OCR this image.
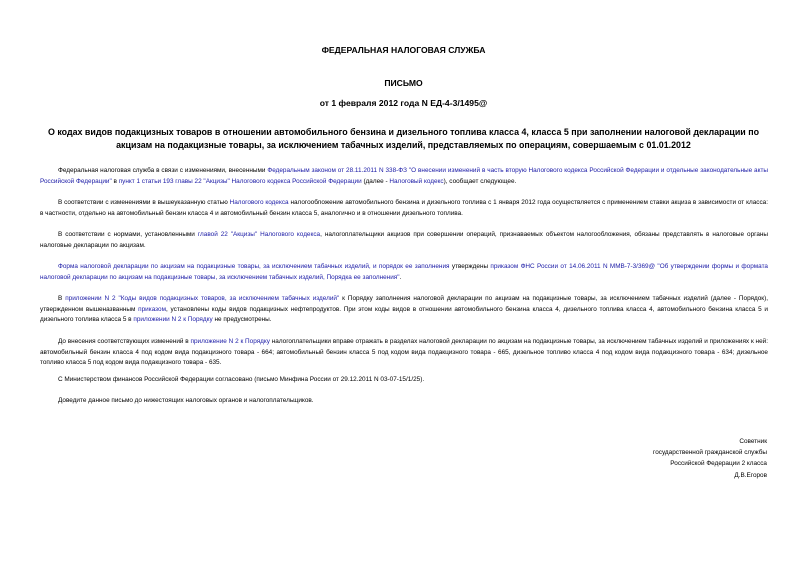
ФЕДЕРАЛЬНАЯ НАЛОГОВАЯ СЛУЖБА
ПИСЬМО
от 1 февраля 2012 года N ЕД-4-3/1495@
О кодах видов подакцизных товаров в отношении автомобильного бензина и дизельного топлива класса 4, класса 5 при заполнении налоговой декларации по акцизам на подакцизные товары, за исключением табачных изделий, представляемых по операциям, совершаемым с 01.01.2012

Федеральная налоговая служба в связи с изменениями, внесенными Федеральным законом от 28.11.2011 N 338-ФЗ "О внесении изменений в часть вторую Налогового кодекса Российской Федерации и отдельные законодательные акты Российской Федерации" в пункт 1 статьи 193 главы 22 "Акцизы" Налогового кодекса Российской Федерации (далее - Налоговый кодекс), сообщает следующее.

В соответствии с изменениями в вышеуказанную статью Налогового кодекса налогообложение автомобильного бензина и дизельного топлива с 1 января 2012 года осуществляется с применением ставки акциза в зависимости от класса: в частности, отдельно на автомобильный бензин класса 4 и автомобильный бензин класса 5, аналогично и в отношении дизельного топлива.

В соответствии с нормами, установленными главой 22 "Акцизы" Налогового кодекса, налогоплательщики акцизов при совершении операций, признаваемых объектом налогообложения, обязаны представлять в налоговые органы налоговые декларации по акцизам.

Форма налоговой декларации по акцизам на подакцизные товары, за исключением табачных изделий, и порядок ее заполнения утверждены приказом ФНС России от 14.06.2011 N ММВ-7-3/369@ "Об утверждении формы и формата налоговой декларации по акцизам на подакцизные товары, за исключением табачных изделий, Порядка ее заполнения".

В приложении N 2 "Коды видов подакцизных товаров, за исключением табачных изделий" к Порядку заполнения налоговой декларации по акцизам на подакцизные товары, за исключением табачных изделий (далее - Порядок), утвержденном вышеназванным приказом, установлены коды видов подакцизных нефтепродуктов. При этом коды видов в отношении автомобильного бензина класса 4, дизельного топлива класса 4, автомобильного бензина класса 5 и дизельного топлива класса 5 в приложении N 2 к Порядку не предусмотрены.

До внесения соответствующих изменений в приложение N 2 к Порядку налогоплательщики вправе отражать в разделах налоговой декларации по акцизам на подакцизные товары, за исключением табачных изделий и приложениях к ней: автомобильный бензин класса 4 под кодом вида подакцизного товара - 664; автомобильный бензин класса 5 под кодом вида подакцизного товара - 665, дизельное топливо класса 4 под кодом вида подакцизного товара - 634; дизельное топливо класса 5 под кодом вида подакцизного товара - 635.

С Министерством финансов Российской Федерации согласовано (письмо Минфина России от 29.12.2011 N 03-07-15/1/25).

Доведите данное письмо до нижестоящих налоговых органов и налогоплательщиков.

Советник
государственной гражданской службы
Российской Федерации 2 класса
Д.В.Егоров
